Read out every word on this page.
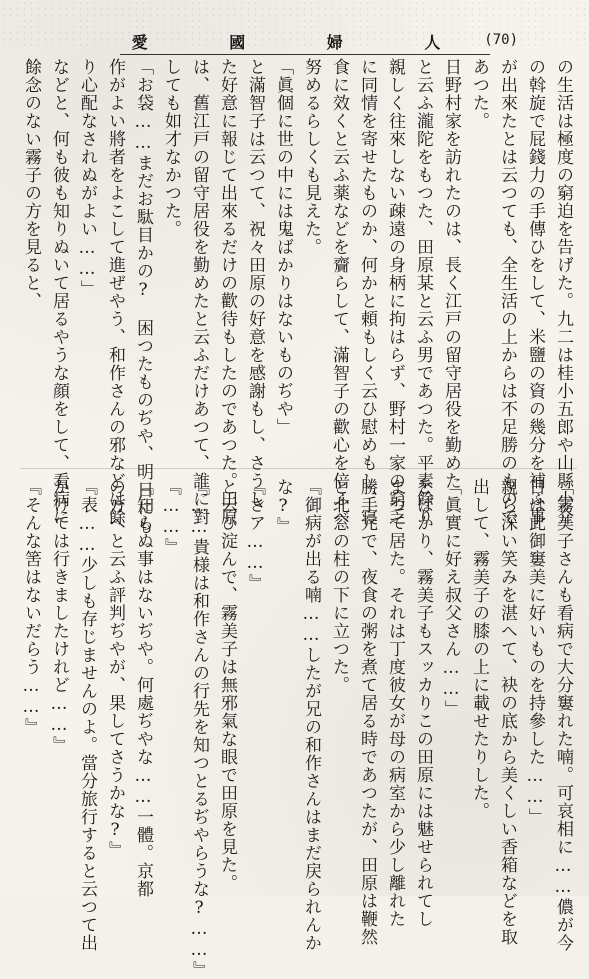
愛 國 婦 人 (70)
の生活は極度の窮迫を告げた。九二は桂小五郎や山縣小介
の斡旋で屁錢力の手傳ひをして、米鹽の資の幾分を補ふ事
が出來たとは云つても、全生活の上からは不足勝のもので
あつた。
日野村家を訪れたのは、長く江戸の留守居役を勤めた
と云ふ瀧陀をもつた、田原某と云ふ男であつた。平素餘り
親しく往來しない疎遠の身柄に拘はらず、野村一家の窮乏
に同情を寄せたものか、何かと頼もしく云ひ慰めもし、寝
食に效くと云ふ薬などを齎らして、滿智子の歡心を倍ふべ
努めるらしくも見えた。
「眞個に世の中には鬼ばかりはないものぢや」
と滿智子は云つて、祝々田原の好意を感謝もし、さうし
た好意に報じて出來るだけの歡待もしたのであつた。田原
は、舊江戸の留守居役を勤めたと云ふだけあつて、誰に對
しても如才なかつた。
「お袋……まだお駄目かの?　困つたものぢや、明日にも
作がよい將者をよこして進ぜやう、和作さんの邪などは餘
り心配なされぬがよい……」
などと、何も彼も知りぬいて居るやうな顔をして、看病に
餘念のない霧子の方を見ると、
「霧美子さんも看病で大分窶れた喃。可哀相に……儂が今
日は此御窶美に好いものを持參した……」
親ら深い笑みを湛へて、袂の底から美くしい香箱などを取
出して、霧美子の膝の上に載せたりした。
「眞實に好え叔父さん……」
とばかり、霧美子もスッカりこの田原には魅せられてし
まつて居た。それは丁度彼女が母の病室から少し離れた
勝手元で、夜食の粥を煮て居る時であつたが、田原は鞭然
と北窓の柱の下に立つた。
『御病が出る喃……したが兄の和作さんはまだ戻られんか
な?』
『さア……』
と云ひ淀んで、霧美子は無邪氣な眼で田原を見た。
『……貴様は和作さんの行先を知つとるぢやらうな?……』
『……』
『知らぬ事はないぢや。何處ぢやな……一體。京都
の方へと云ふ評判ぢやが、果してさうかな?』
『表……少しも存じませんのよ。當分旅行すると云つて出
かけては行きましたけれど……』
『そんな筈はないだらう……』
